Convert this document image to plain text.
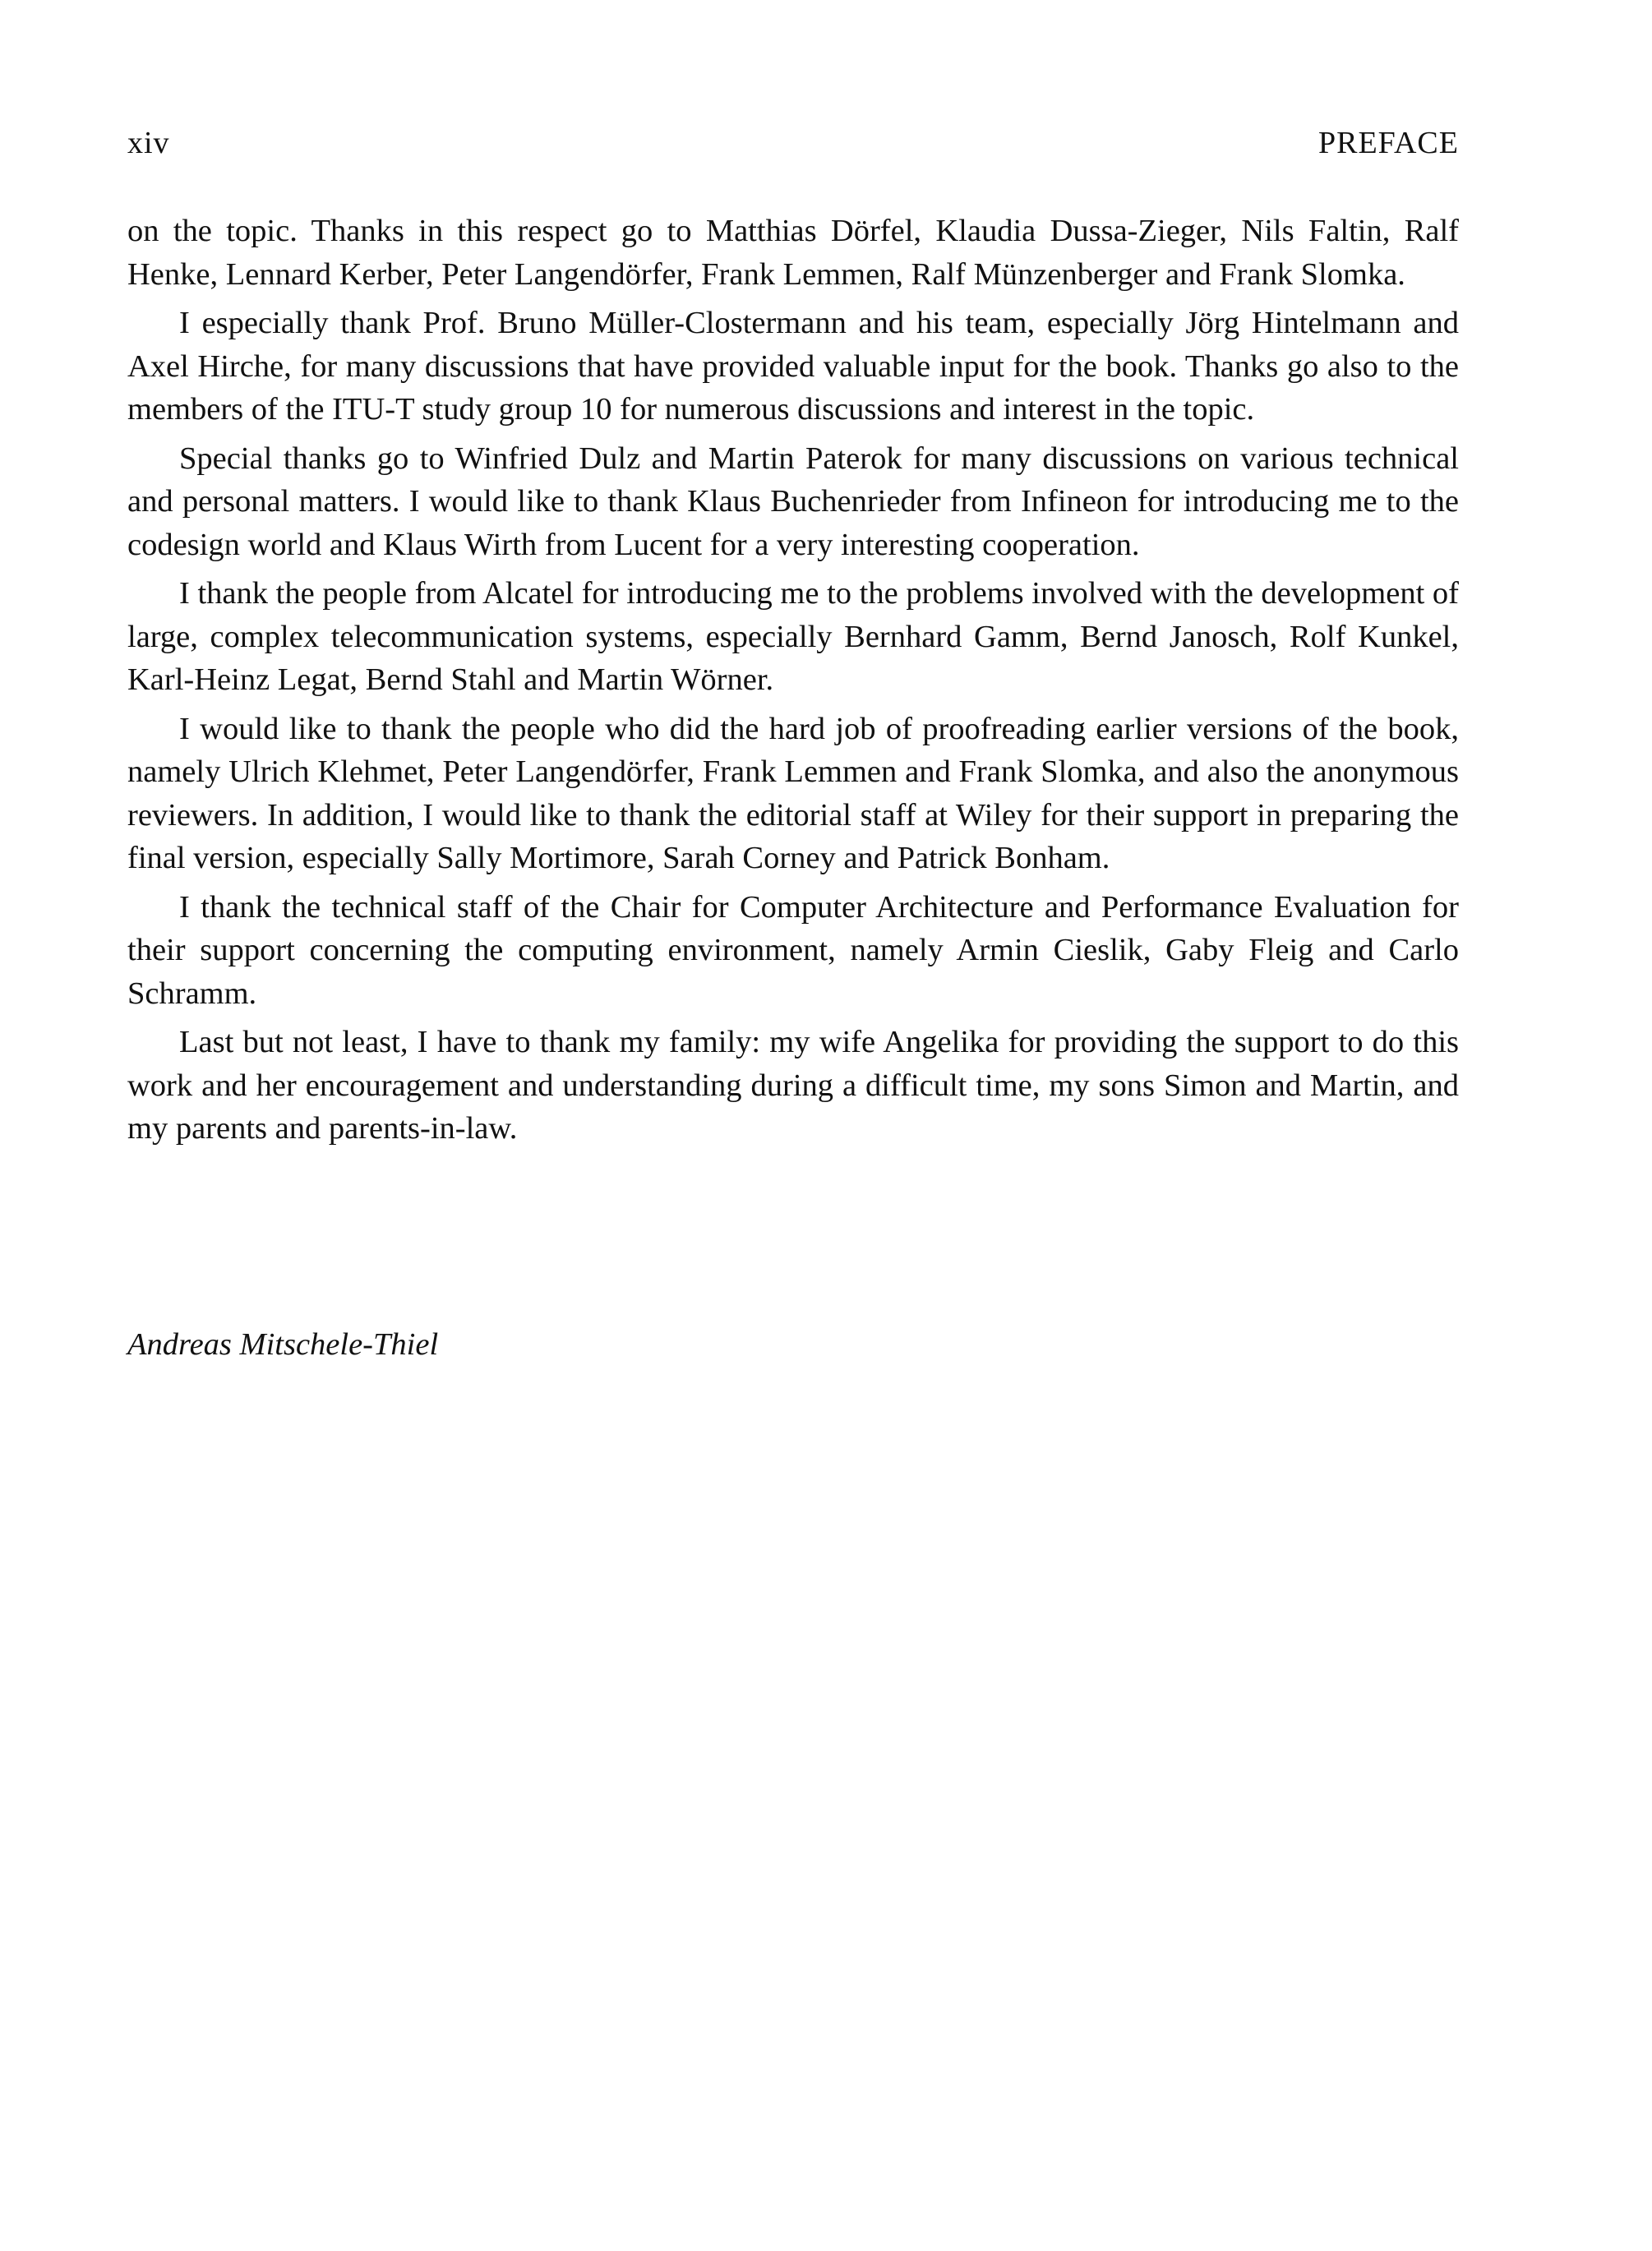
xiv	PREFACE

on the topic. Thanks in this respect go to Matthias Dörfel, Klaudia Dussa-Zieger, Nils Faltin, Ralf Henke, Lennard Kerber, Peter Langendörfer, Frank Lemmen, Ralf Münzenberger and Frank Slomka.

I especially thank Prof. Bruno Müller-Clostermann and his team, especially Jörg Hintelmann and Axel Hirche, for many discussions that have provided valuable input for the book. Thanks go also to the members of the ITU-T study group 10 for numerous discussions and interest in the topic.

Special thanks go to Winfried Dulz and Martin Paterok for many discussions on various technical and personal matters. I would like to thank Klaus Buchenrieder from Infineon for introducing me to the codesign world and Klaus Wirth from Lucent for a very interesting cooperation.

I thank the people from Alcatel for introducing me to the problems involved with the development of large, complex telecommunication systems, especially Bernhard Gamm, Bernd Janosch, Rolf Kunkel, Karl-Heinz Legat, Bernd Stahl and Martin Wörner.

I would like to thank the people who did the hard job of proofreading earlier versions of the book, namely Ulrich Klehmet, Peter Langendörfer, Frank Lemmen and Frank Slomka, and also the anonymous reviewers. In addition, I would like to thank the editorial staff at Wiley for their support in preparing the final version, especially Sally Mortimore, Sarah Corney and Patrick Bonham.

I thank the technical staff of the Chair for Computer Architecture and Performance Evaluation for their support concerning the computing environment, namely Armin Cieslik, Gaby Fleig and Carlo Schramm.

Last but not least, I have to thank my family: my wife Angelika for providing the support to do this work and her encouragement and understanding during a difficult time, my sons Simon and Martin, and my parents and parents-in-law.

Andreas Mitschele-Thiel
